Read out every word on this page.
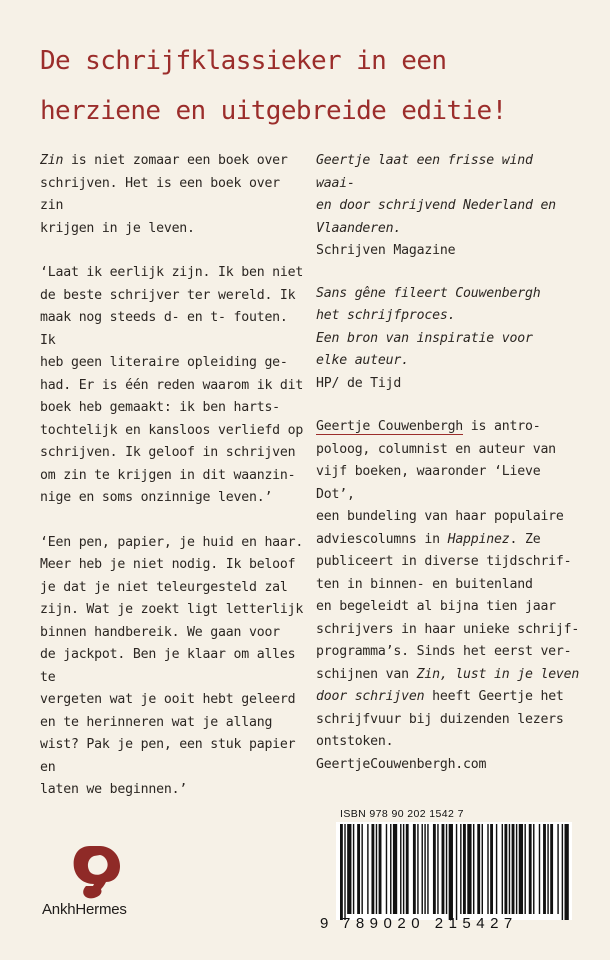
De schrijfklassieker in een
herziene en uitgebreide editie!

Zin is niet zomaar een boek over
schrijven. Het is een boek over zin
krijgen in je leven.

‘Laat ik eerlijk zijn. Ik ben niet
de beste schrijver ter wereld. Ik
maak nog steeds d- en t- fouten. Ik
heb geen literaire opleiding ge-
had. Er is één reden waarom ik dit
boek heb gemaakt: ik ben harts-
tochtelijk en kansloos verliefd op
schrijven. Ik geloof in schrijven
om zin te krijgen in dit waanzin-
nige en soms onzinnige leven.’

‘Een pen, papier, je huid en haar.
Meer heb je niet nodig. Ik beloof
je dat je niet teleurgesteld zal
zijn. Wat je zoekt ligt letterlijk
binnen handbereik. We gaan voor
de jackpot. Ben je klaar om alles te
vergeten wat je ooit hebt geleerd
en te herinneren wat je allang
wist? Pak je pen, een stuk papier en
laten we beginnen.’

Geertje laat een frisse wind waai-
en door schrijvend Nederland en
Vlaanderen.

Schrijven Magazine

Sans gêne fileert Couwenbergh
het schrijfproces.
Een bron van inspiratie voor
elke auteur.

HP/ de Tijd

Geertje Couwenbergh is antro-
poloog, columnist en auteur van
vijf boeken, waaronder ‘Lieve Dot’,
een bundeling van haar populaire
adviescolumns in Happinez. Ze
publiceert in diverse tijdschrif-
ten in binnen- en buitenland
en begeleidt al bijna tien jaar
schrijvers in haar unieke schrijf-
programma’s. Sinds het eerst ver-
schijnen van Zin, lust in je leven
door schrijven heeft Geertje het
schrijfvuur bij duizenden lezers
ontstoken.
GeertjeCouwenbergh.com

ISBN 978 90 202 1542 7
9 789020 215427
AnkhHermes
